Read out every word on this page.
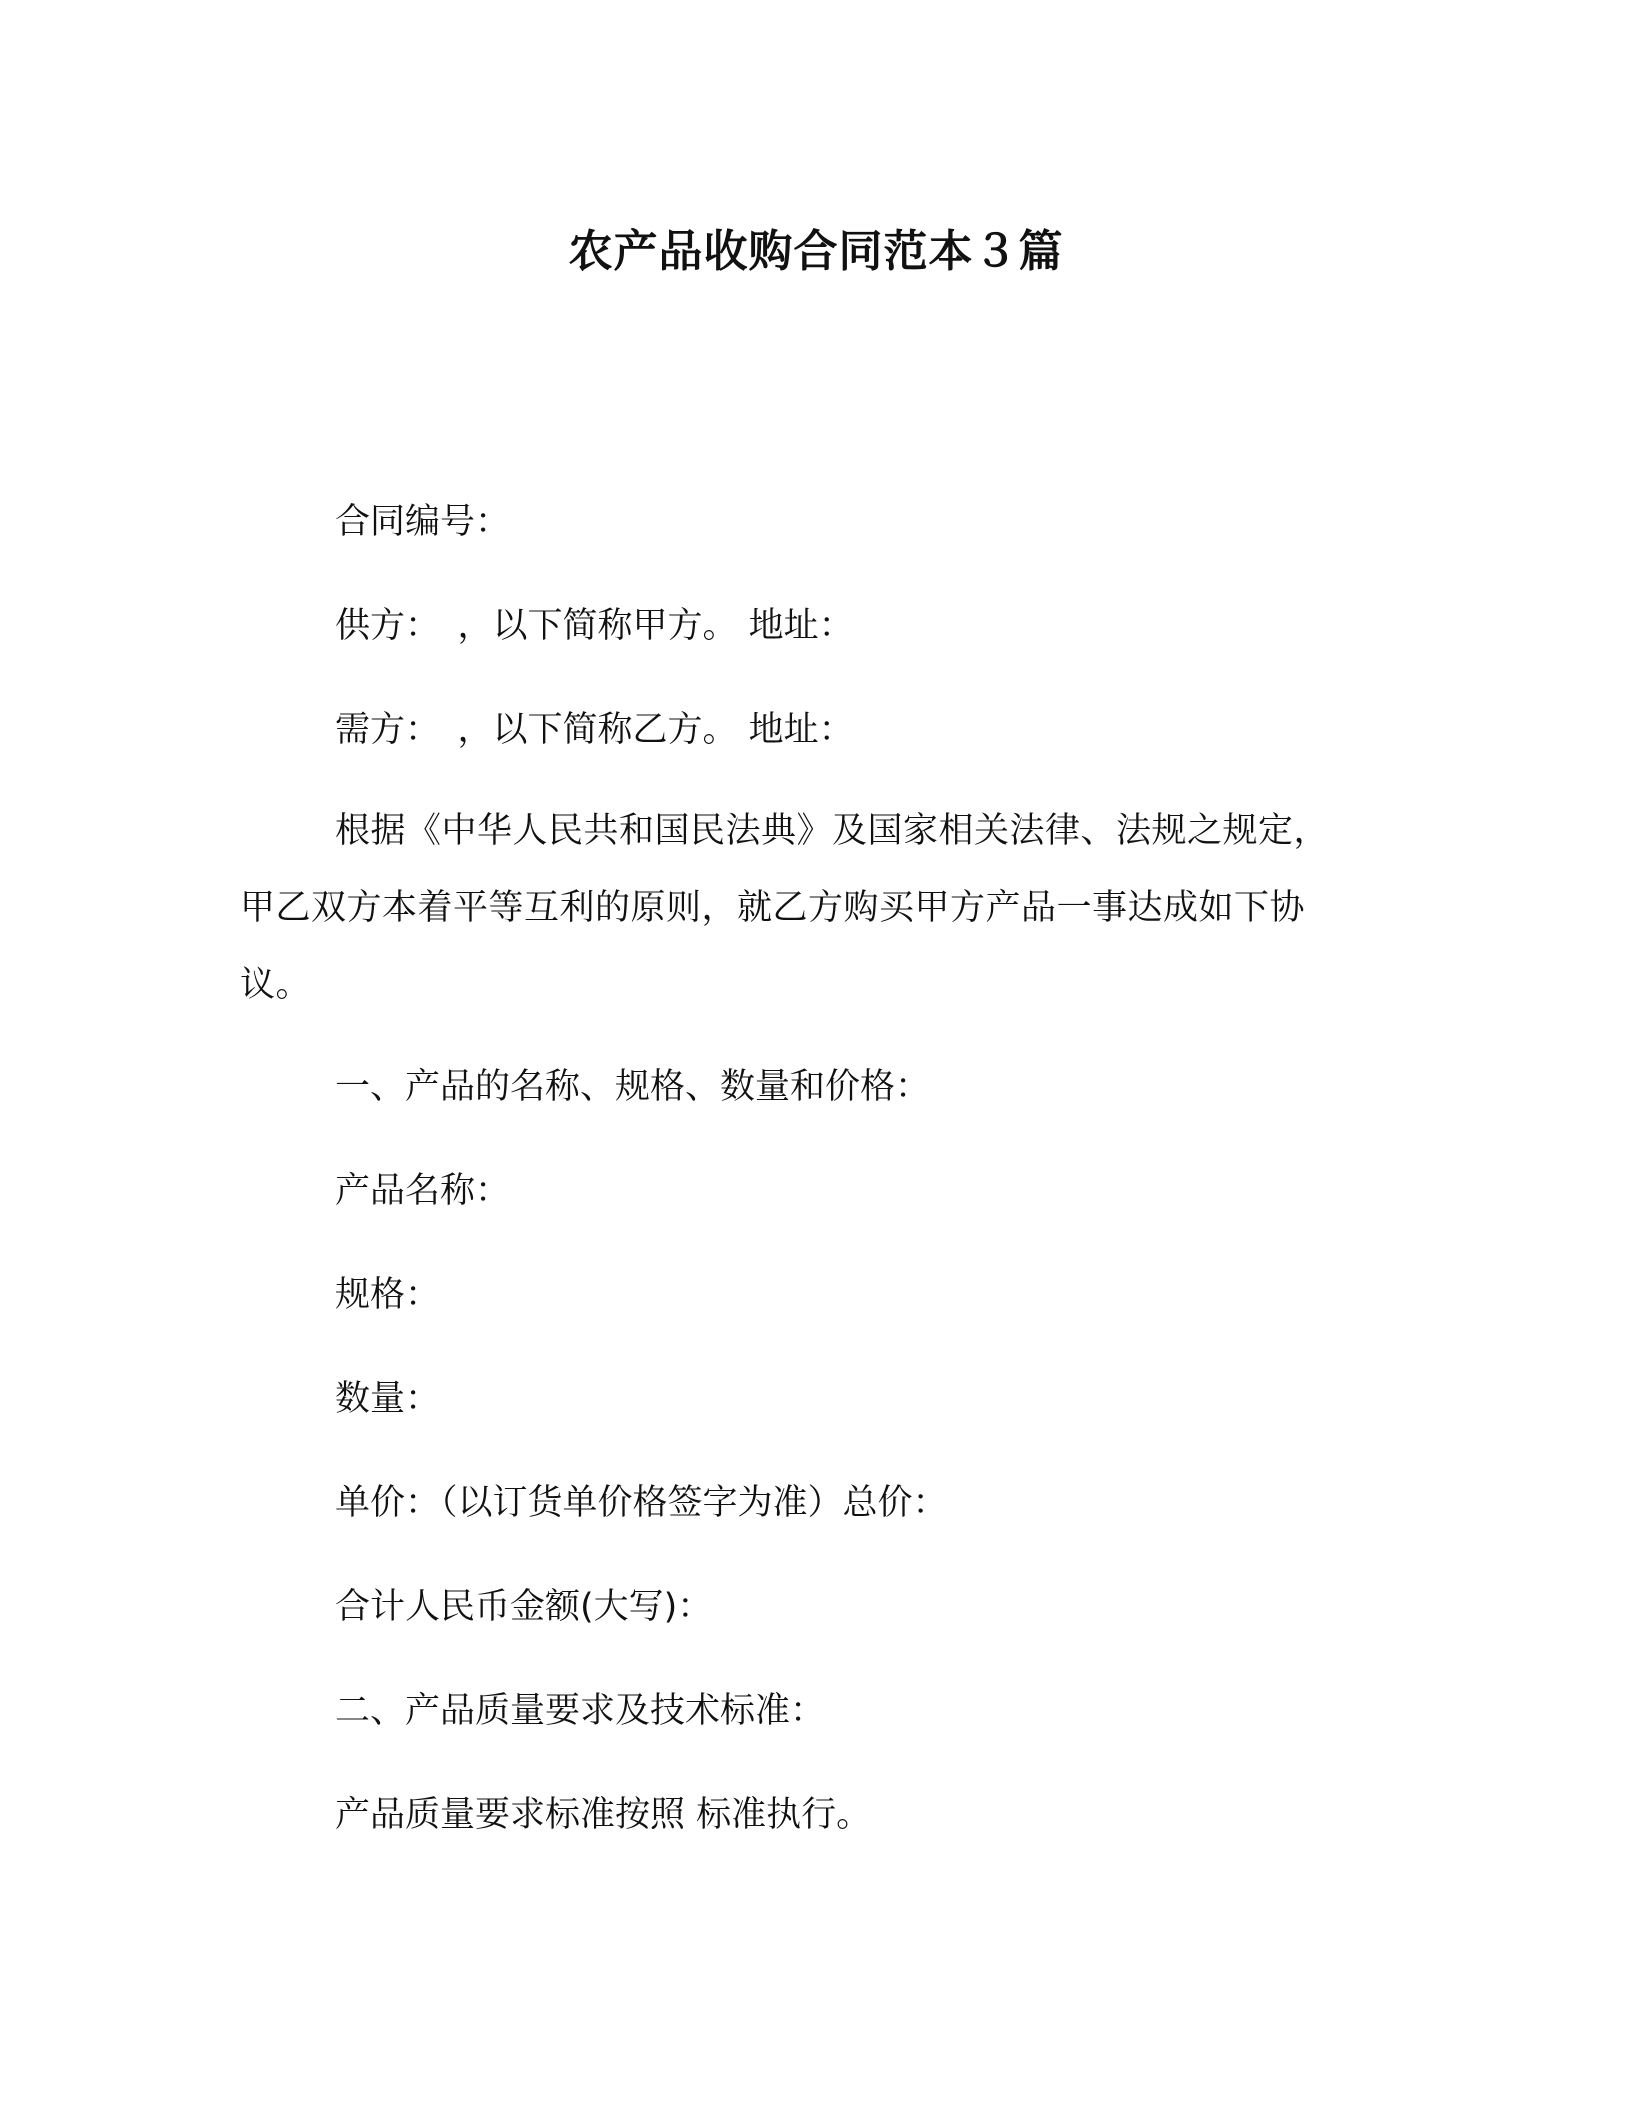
农产品收购合同范本３篇
合同编号：
供方：　，以下简称甲方。 地址：
需方：　，以下简称乙方。 地址：
根据《中华人民共和国民法典》及国家相关法律、法规之规定，甲乙双方本着平等互利的原则，就乙方购买甲方产品一事达成如下协议。
一、产品的名称、规格、数量和价格：
产品名称：
规格：
数量：
单价：（以订货单价格签字为准）总价：
合计人民币金额(大写)：
二、产品质量要求及技术标准：
产品质量要求标准按照 标准执行。
